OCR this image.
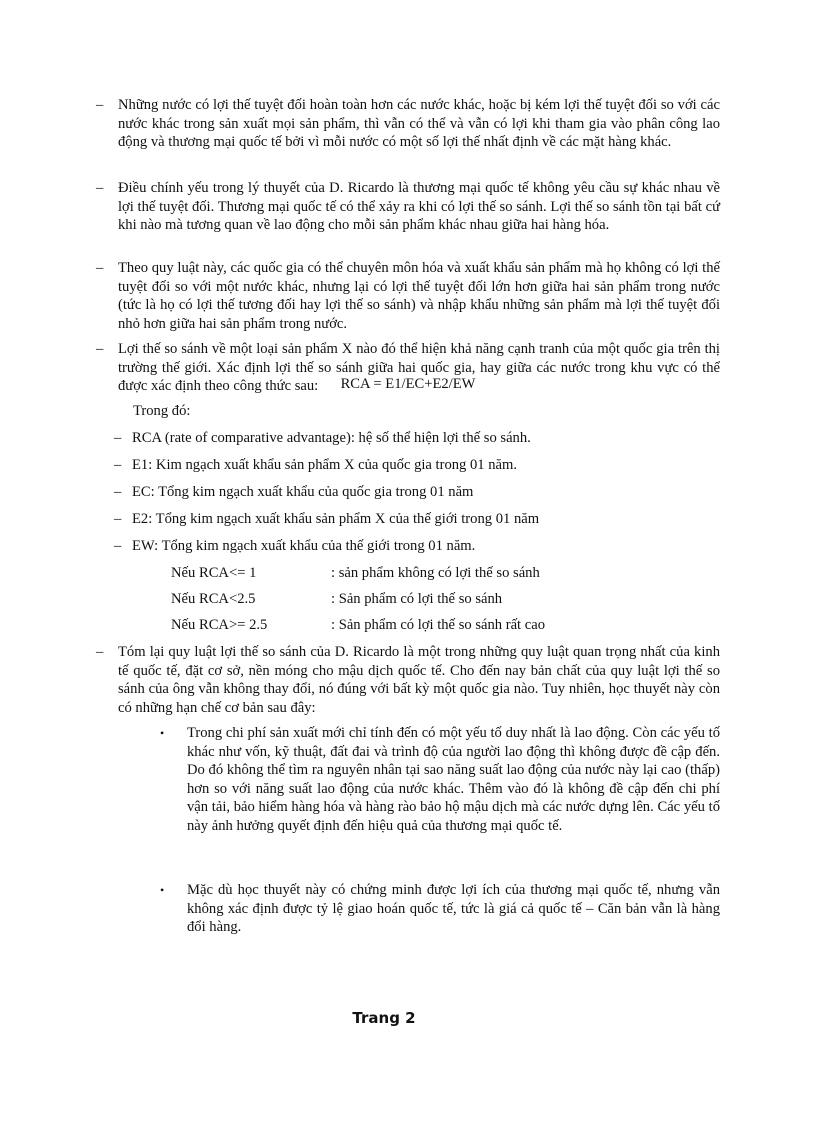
–	Những nước có lợi thế tuyệt đối hoàn toàn hơn các nước khác, hoặc bị kém lợi thế tuyệt đối so với các nước khác trong sản xuất mọi sản phẩm, thì vẫn có thể và vẫn có lợi khi tham gia vào phân công lao động và thương mại quốc tế bởi vì mỗi nước có một số lợi thế nhất định về các mặt hàng khác.
–	Điều chính yếu trong lý thuyết của D. Ricardo là thương mại quốc tế không yêu cầu sự khác nhau về lợi thế tuyệt đối. Thương mại quốc tế có thể xảy ra khi có lợi thế so sánh. Lợi thế so sánh tồn tại bất cứ khi nào mà tương quan về lao động cho mỗi sản phẩm khác nhau giữa hai hàng hóa.
–	Theo quy luật này, các quốc gia có thể chuyên môn hóa và xuất khẩu sản phẩm mà họ không có lợi thế tuyệt đối so với một nước khác, nhưng lại có lợi thế tuyệt đối lớn hơn giữa hai sản phẩm trong nước (tức là họ có lợi thế tương đối hay lợi thế so sánh) và nhập khẩu những sản phẩm mà lợi thế tuyệt đối nhỏ hơn giữa hai sản phẩm trong nước.
–	Lợi thế so sánh về một loại sản phẩm X nào đó thể hiện khả năng cạnh tranh của một quốc gia trên thị trường thế giới. Xác định lợi thế so sánh giữa hai quốc gia, hay giữa các nước trong khu vực có thể được xác định theo công thức sau:	RCA = E1/EC+E2/EW
Trong đó:
– RCA (rate of comparative advantage): hệ số thể hiện lợi thế so sánh.
– E1: Kim ngạch xuất khẩu sản phẩm X của quốc gia trong 01 năm.
– EC: Tổng kim ngạch xuất khẩu của quốc gia trong 01 năm
– E2: Tổng kim ngạch xuất khẩu sản phẩm X của thế giới trong 01 năm
– EW: Tổng kim ngạch xuất khẩu của thế giới trong 01 năm.
Nếu RCA<= 1	: sản phẩm không có lợi thế so sánh
Nếu RCA<2.5	: Sản phẩm có lợi thế so sánh
Nếu RCA>= 2.5	: Sản phẩm có lợi thế so sánh rất cao
–	Tóm lại quy luật lợi thế so sánh của D. Ricardo là một trong những quy luật quan trọng nhất của kinh tế quốc tế, đặt cơ sở, nền móng cho mậu dịch quốc tế. Cho đến nay bản chất của quy luật lợi thế so sánh của ông vẫn không thay đổi, nó đúng với bất kỳ một quốc gia nào. Tuy nhiên, học thuyết này còn có những hạn chế cơ bản sau đây:
•	Trong chi phí sản xuất mới chỉ tính đến có một yếu tố duy nhất là lao động. Còn các yếu tố khác như vốn, kỹ thuật, đất đai và trình độ của người lao động thì không được đề cập đến. Do đó không thể tìm ra nguyên nhân tại sao năng suất lao động của nước này lại cao (thấp) hơn so với năng suất lao động của nước khác. Thêm vào đó là không đề cập đến chi phí vận tải, bảo hiểm hàng hóa và hàng rào bảo hộ mậu dịch mà các nước dựng lên. Các yếu tố này ảnh hưởng quyết định đến hiệu quả của thương mại quốc tế.
•	Mặc dù học thuyết này có chứng minh được lợi ích của thương mại quốc tế, nhưng vẫn không xác định được tỷ lệ giao hoán quốc tế, tức là giá cả quốc tế – Căn bản vẫn là hàng đổi hàng.
Trang 2
